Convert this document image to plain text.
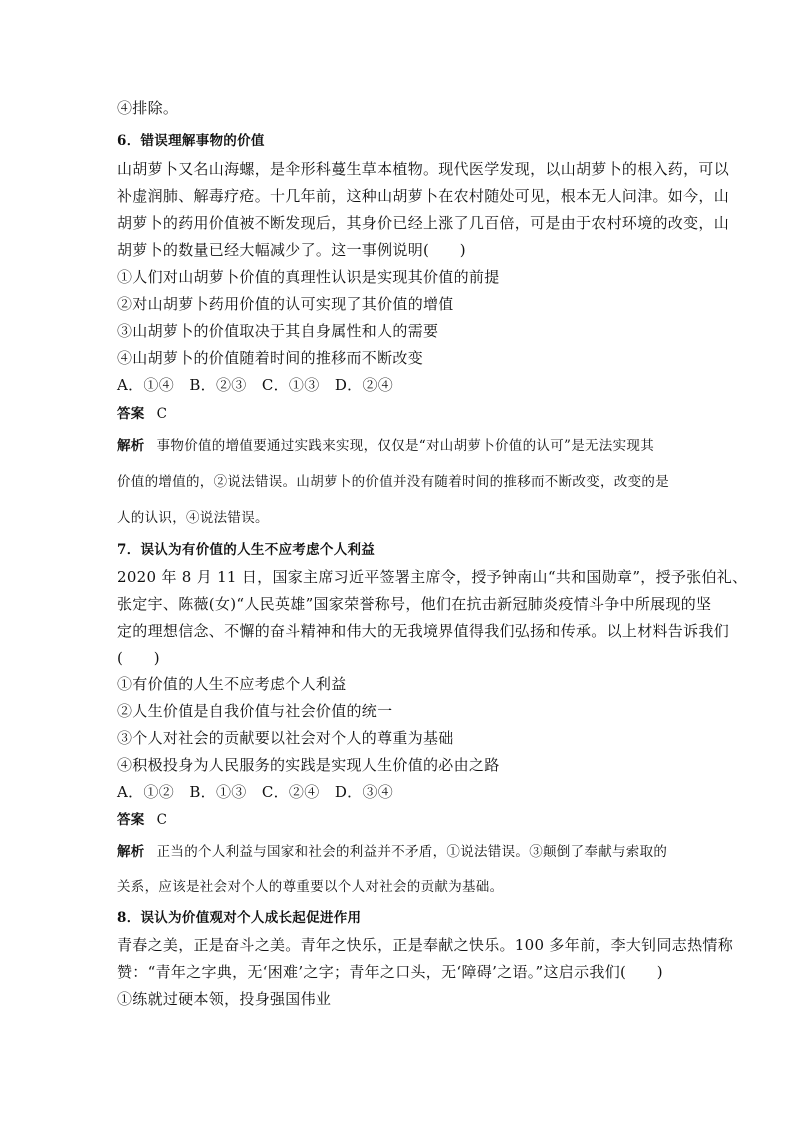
④排除。
6．错误理解事物的价值
山胡萝卜又名山海螺，是伞形科蔓生草本植物。现代医学发现，以山胡萝卜的根入药，可以
补虚润肺、解毒疗疮。十几年前，这种山胡萝卜在农村随处可见，根本无人问津。如今，山
胡萝卜的药用价值被不断发现后，其身价已经上涨了几百倍，可是由于农村环境的改变，山
胡萝卜的数量已经大幅减少了。这一事例说明(　　)
①人们对山胡萝卜价值的真理性认识是实现其价值的前提
②对山胡萝卜药用价值的认可实现了其价值的增值
③山胡萝卜的价值取决于其自身属性和人的需要
④山胡萝卜的价值随着时间的推移而不断改变
A．①④　B．②③　C．①③　D．②④
答案 C
解析 事物价值的增值要通过实践来实现，仅仅是“对山胡萝卜价值的认可”是无法实现其
价值的增值的，②说法错误。山胡萝卜的价值并没有随着时间的推移而不断改变，改变的是
人的认识，④说法错误。
7．误认为有价值的人生不应考虑个人利益
2020 年 8 月 11 日，国家主席习近平签署主席令，授予钟南山“共和国勋章”，授予张伯礼、
张定宇、陈薇(女)“人民英雄”国家荣誉称号，他们在抗击新冠肺炎疫情斗争中所展现的坚
定的理想信念、不懈的奋斗精神和伟大的无我境界值得我们弘扬和传承。以上材料告诉我们
(　　)
①有价值的人生不应考虑个人利益
②人生价值是自我价值与社会价值的统一
③个人对社会的贡献要以社会对个人的尊重为基础
④积极投身为人民服务的实践是实现人生价值的必由之路
A．①②　B．①③　C．②④　D．③④
答案 C
解析 正当的个人利益与国家和社会的利益并不矛盾，①说法错误。③颠倒了奉献与索取的
关系，应该是社会对个人的尊重要以个人对社会的贡献为基础。
8．误认为价值观对个人成长起促进作用
青春之美，正是奋斗之美。青年之快乐，正是奉献之快乐。100 多年前，李大钊同志热情称
赞：“青年之字典，无‘困难’之字；青年之口头，无‘障碍’之语。”这启示我们(　　)
①练就过硬本领，投身强国伟业
